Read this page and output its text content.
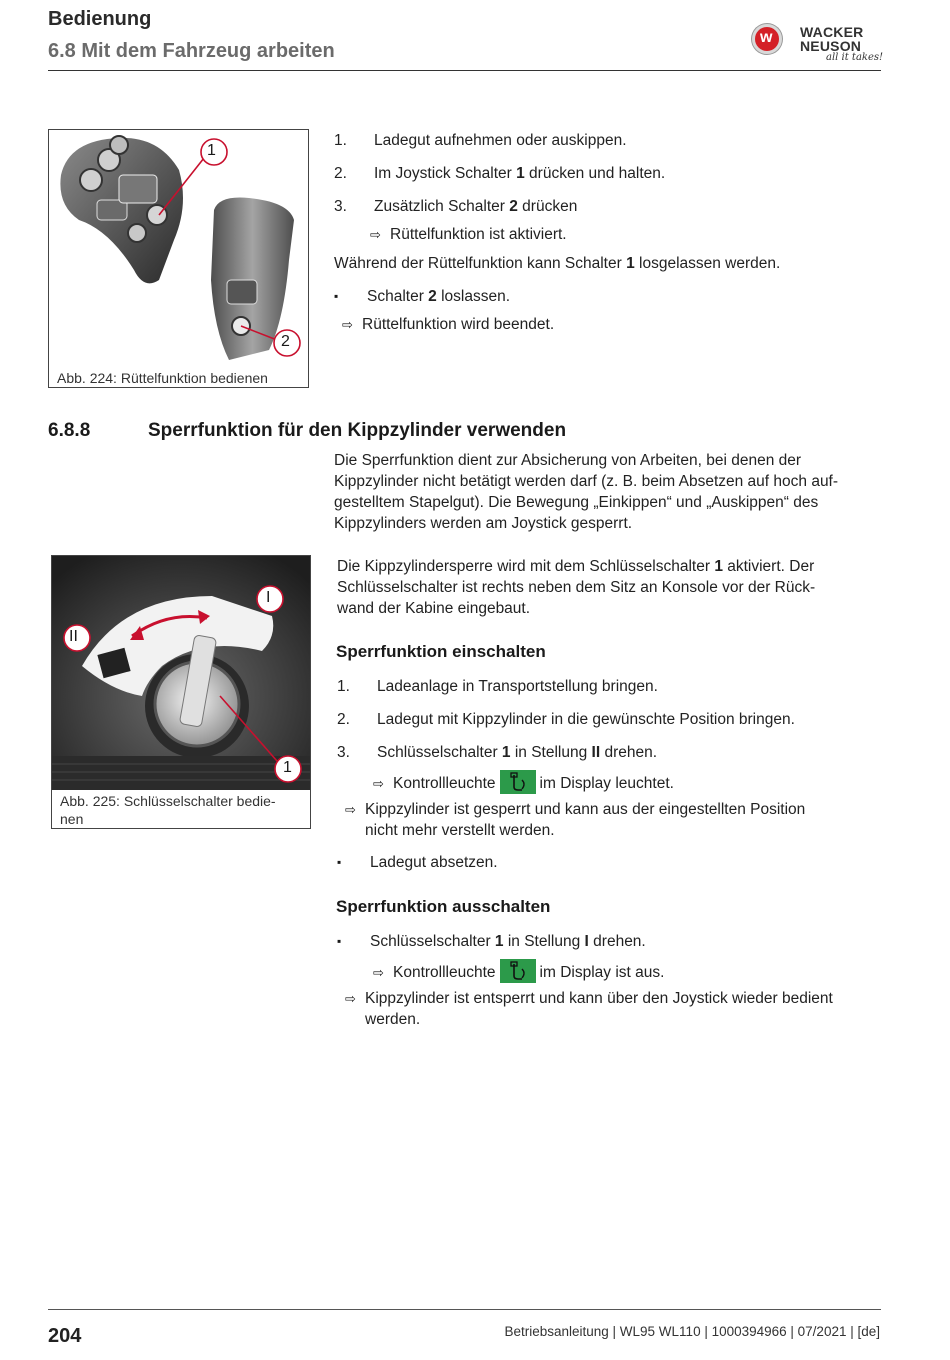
Bedienung
6.8 Mit dem Fahrzeug arbeiten
w WACKER
NEUSON
all it takes!
1
2
Abb. 224: Rüttelfunktion bedienen
1. Ladegut aufnehmen oder auskippen.
2. Im Joystick Schalter 1 drücken und halten.
3. Zusätzlich Schalter 2 drücken
⇨ Rüttelfunktion ist aktiviert.
Während der Rüttelfunktion kann Schalter 1 losgelassen werden.
▪ Schalter 2 loslassen.
⇨ Rüttelfunktion wird beendet.
6.8.8	Sperrfunktion für den Kippzylinder verwenden
Die Sperrfunktion dient zur Absicherung von Arbeiten, bei denen der
Kippzylinder nicht betätigt werden darf (z. B. beim Absetzen auf hoch auf-
gestelltem Stapelgut). Die Bewegung „Einkippen“ und „Auskippen“ des
Kippzylinders werden am Joystick gesperrt.
I
II
1
Abb. 225: Schlüsselschalter bedie-
nen
Die Kippzylindersperre wird mit dem Schlüsselschalter 1 aktiviert. Der
Schlüsselschalter ist rechts neben dem Sitz an Konsole vor der Rück-
wand der Kabine eingebaut.
Sperrfunktion einschalten
1. Ladeanlage in Transportstellung bringen.
2. Ladegut mit Kippzylinder in die gewünschte Position bringen.
3. Schlüsselschalter 1 in Stellung II drehen.
⇨ Kontrollleuchte	im Display leuchtet.
⇨ Kippzylinder ist gesperrt und kann aus der eingestellten Position
nicht mehr verstellt werden.
▪ Ladegut absetzen.
Sperrfunktion ausschalten
▪ Schlüsselschalter 1 in Stellung I drehen.
⇨ Kontrollleuchte	im Display ist aus.
⇨ Kippzylinder ist entsperrt und kann über den Joystick wieder bedient
werden.
204	Betriebsanleitung | WL95 WL110 | 1000394966 | 07/2021 | [de]
